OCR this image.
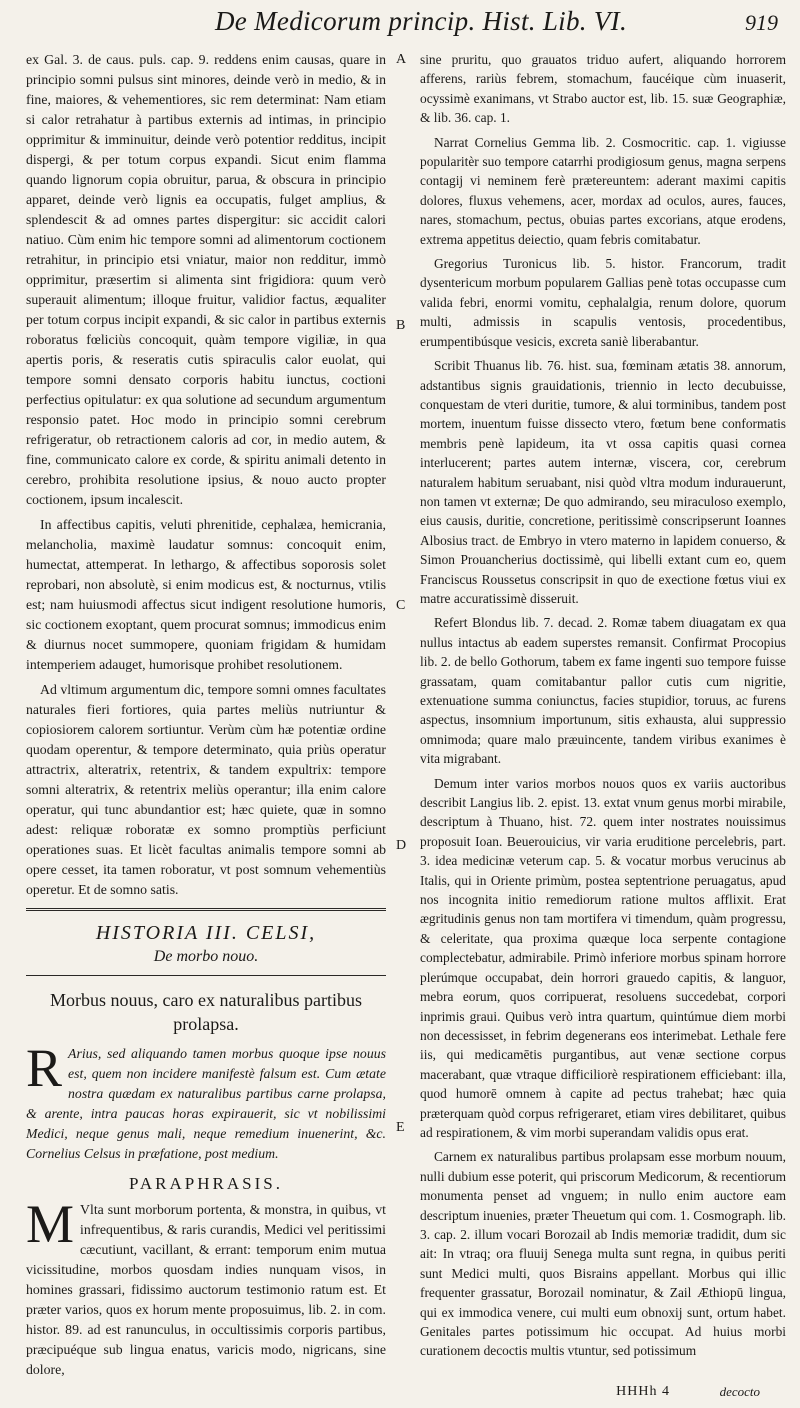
De Medicorum princip. Hist. Lib. VI.	919
A
B
C
D
E

ex Gal. 3. de caus. puls. cap. 9. reddens enim causas, quare in principio somni pulsus sint minores, deinde verò in medio, & in fine, maiores, & vehementiores, sic rem determinat: Nam etiam si calor retrahatur à partibus externis ad intimas, in principio opprimitur & imminuitur, deinde verò potentior redditus, incipit dispergi, & per totum corpus expandi. Sicut enim flamma quando lignorum copia obruitur, parua, & obscura in principio apparet, deinde verò lignis ea occupatis, fulget amplius, & splendescit & ad omnes partes dispergitur: sic accidit calori natiuo. Cùm enim hic tempore somni ad alimentorum coctionem retrahitur, in principio etsi vniatur, maior non redditur, immò opprimitur, præsertim si alimenta sint frigidiora: quum verò superauit alimentum; illoque fruitur, validior factus, æqualiter per totum corpus incipit expandi, & sic calor in partibus externis roboratus fœliciùs concoquit, quàm tempore vigiliæ, in qua apertis poris, & reseratis cutis spiraculis calor euolat, qui tempore somni densato corporis habitu iunctus, coctioni perfectius opitulatur: ex qua solutione ad secundum argumentum responsio patet. Hoc modo in principio somni cerebrum refrigeratur, ob retractionem caloris ad cor, in medio autem, & fine, communicato calore ex corde, & spiritu animali detento in cerebro, prohibita resolutione ipsius, & nouo aucto propter coctionem, ipsum incalescit.

In affectibus capitis, veluti phrenitide, cephalæa, hemicrania, melancholia, maximè laudatur somnus: concoquit enim, humectat, attemperat. In lethargo, & affectibus soporosis solet reprobari, non absolutè, si enim modicus est, & nocturnus, vtilis est; nam huiusmodi affectus sicut indigent resolutione humoris, sic coctionem exoptant, quem procurat somnus; immodicus enim & diurnus nocet summopere, quoniam frigidam & humidam intemperiem adauget, humorisque prohibet resolutionem.

Ad vltimum argumentum dic, tempore somni omnes facultates naturales fieri fortiores, quia partes meliùs nutriuntur & copiosiorem calorem sortiuntur. Verùm cùm hæ potentiæ ordine quodam operentur, & tempore determinato, quia priùs operatur attractrix, alteratrix, retentrix, & tandem expultrix: tempore somni alteratrix, & retentrix meliùs operantur; illa enim calore operatur, qui tunc abundantior est; hæc quiete, quæ in somno adest: reliquæ roboratæ ex somno promptiùs perficiunt operationes suas. Et licèt facultas animalis tempore somni ab opere cesset, ita tamen roboratur, vt post somnum vehementiùs operetur. Et de somno satis.

HISTORIA III. CELSI,
De morbo nouo.
Morbus nouus, caro ex naturalibus partibus prolapsa.
R Arius, sed aliquando tamen morbus quoque ipse nouus est, quem non incidere manifestè falsum est. Cum ætate nostra quædam ex naturalibus partibus carne prolapsa, & arente, intra paucas horas expirauerit, sic vt nobilissimi Medici, neque genus mali, neque remedium inuenerint, &c. Cornelius Celsus in præfatione, post medium.

PARAPHRASIS.
M Vlta sunt morborum portenta, & monstra, in quibus, vt infrequentibus, & raris curandis, Medici vel peritissimi cæcutiunt, vacillant, & errant: temporum enim mutua vicissitudine, morbos quosdam indies nunquam visos, in homines grassari, fidissimo auctorum testimonio ratum est. Et præter varios, quos ex horum mente proposuimus, lib. 2. in com. histor. 89. ad est ranunculus, in occultissimis corporis partibus, præcipuéque sub lingua enatus, varicis modo, nigricans, sine dolore,

sine pruritu, quo grauatos triduo aufert, aliquando horrorem afferens, rariùs febrem, stomachum, faucéique cùm inuaserit, ocyssimè exanimans, vt Strabo auctor est, lib. 15. suæ Geographiæ, & lib. 36. cap. 1.

Narrat Cornelius Gemma lib. 2. Cosmocritic. cap. 1. vigiusse popularitèr suo tempore catarrhi prodigiosum genus, magna serpens contagij vi neminem ferè prætereuntem: aderant maximi capitis dolores, fluxus vehemens, acer, mordax ad oculos, aures, fauces, nares, stomachum, pectus, obuias partes excorians, atque erodens, extrema appetitus deiectio, quam febris comitabatur.

Gregorius Turonicus lib. 5. histor. Francorum, tradit dysentericum morbum popularem Gallias penè totas occupasse cum valida febri, enormi vomitu, cephalalgia, renum dolore, quorum multi, admissis in scapulis ventosis, procedentibus, erumpentibúsque vesicis, excreta saniè liberabantur.

Scribit Thuanus lib. 76. hist. sua, fœminam ætatis 38. annorum, adstantibus signis grauidationis, triennio in lecto decubuisse, conquestam de vteri duritie, tumore, & alui torminibus, tandem post mortem, inuentum fuisse dissecto vtero, fœtum bene conformatis membris penè lapideum, ita vt ossa capitis quasi cornea interlucerent; partes autem internæ, viscera, cor, cerebrum naturalem habitum seruabant, nisi quòd vltra modum indurauerunt, non tamen vt externæ; De quo admirando, seu miraculoso exemplo, eius causis, duritie, concretione, peritissimè conscripserunt Ioannes Albosius tract. de Embryo in vtero materno in lapidem conuerso, & Simon Prouancherius doctissimè, qui libelli extant cum eo, quem Franciscus Roussetus conscripsit in quo de exectione fœtus viui ex matre accuratissimè disseruit.

Refert Blondus lib. 7. decad. 2. Romæ tabem diuagatam ex qua nullus intactus ab eadem superstes remansit. Confirmat Procopius lib. 2. de bello Gothorum, tabem ex fame ingenti suo tempore fuisse grassatam, quam comitabantur pallor cutis cum nigritie, extenuatione summa coniunctus, facies stupidior, toruus, ac furens aspectus, insomnium importunum, sitis exhausta, alui suppressio omnimoda; quare malo præuincente, tandem viribus exanimes è vita migrabant.

Demum inter varios morbos nouos quos ex variis auctoribus describit Langius lib. 2. epist. 13. extat vnum genus morbi mirabile, descriptum à Thuano, hist. 72. quem inter nostrates nouissimus proposuit Ioan. Beuerouicius, vir varia eruditione percelebris, part. 3. idea medicinæ veterum cap. 5. & vocatur morbus verucinus ab Italis, qui in Oriente primùm, postea septentrione peruagatus, apud nos incognita initio remediorum ratione multos afflixit. Erat ægritudinis genus non tam mortifera vi timendum, quàm progressu, & celeritate, qua proxima quæque loca serpente contagione complectebatur, admirabile. Primò inferiore morbus spinam horrore plerúmque occupabat, dein horrori grauedo capitis, & languor, mebra eorum, quos corripuerat, resoluens succedebat, corpori inprimis graui. Quibus verò intra quartum, quintúmue diem morbi non decessisset, in febrim degenerans eos interimebat. Lethale fere iis, qui medicamētis purgantibus, aut venæ sectione corpus macerabant, quæ vtraque difficiliorè respirationem efficiebant: illa, quod humorē omnem à capite ad pectus trahebat; hæc quia præterquam quòd corpus refrigeraret, etiam vires debilitaret, quibus ad respirationem, & vim morbi superandam validis opus erat.

Carnem ex naturalibus partibus prolapsam esse morbum nouum, nulli dubium esse poterit, qui priscorum Medicorum, & recentiorum monumenta penset ad vnguem; in nullo enim auctore eam descriptum inuenies, præter Theuetum qui com. 1. Cosmograph. lib. 3. cap. 2. illum vocari Borozail ab Indis memoriæ tradidit, dum sic ait: In vtraq; ora fluuij Senega multa sunt regna, in quibus periti sunt Medici multi, quos Bisrains appellant. Morbus qui illic frequenter grassatur, Borozail nominatur, & Zail Æthiopū lingua, qui ex immodica venere, cui multi eum obnoxij sunt, ortum habet. Genitales partes potissimum hic occupat. Ad huius morbi curationem decoctis multis vtuntur, sed potissimum

HHHh 4	decocto
